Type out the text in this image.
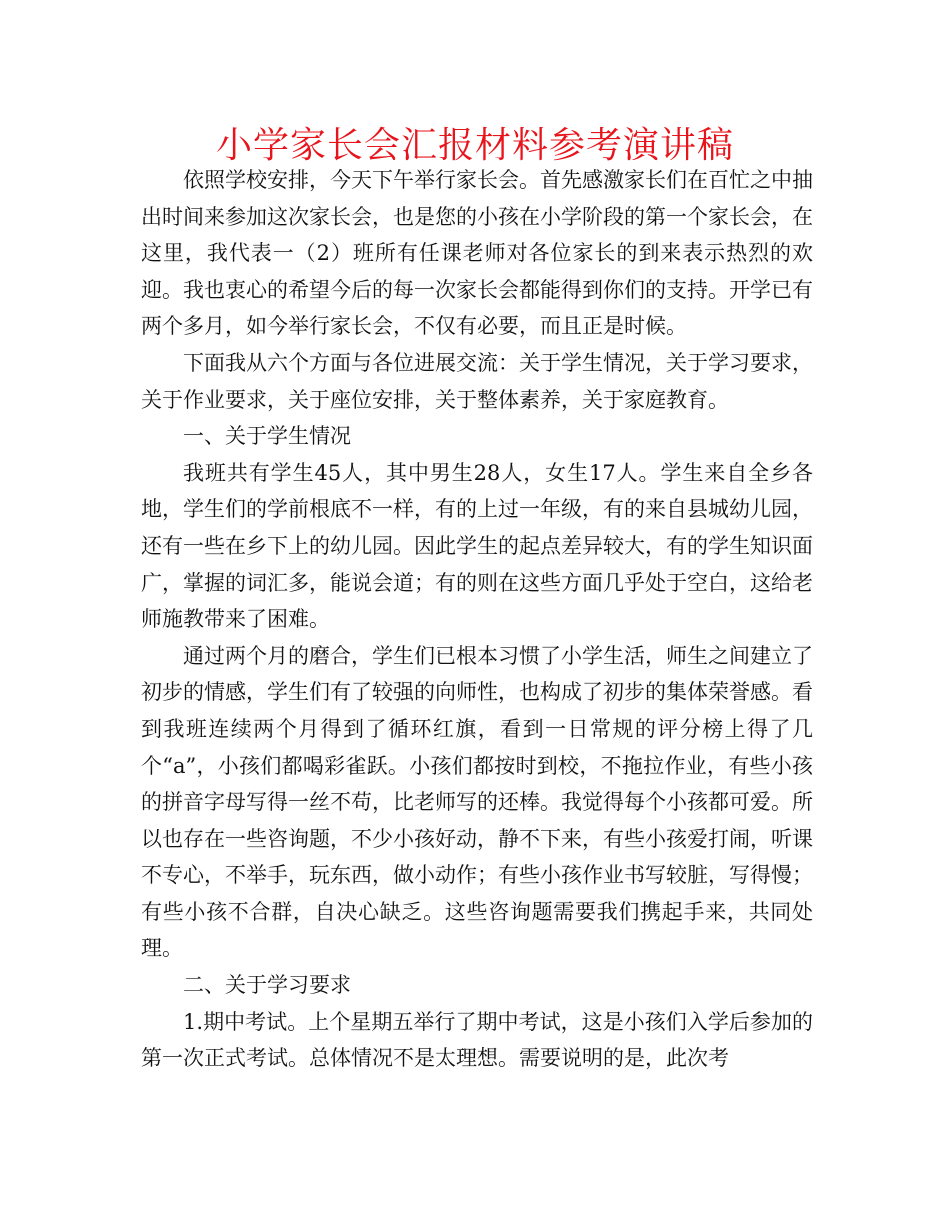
小学家长会汇报材料参考演讲稿

依照学校安排，今天下午举行家长会。首先感激家长们在百忙之中抽出时间来参加这次家长会，也是您的小孩在小学阶段的第一个家长会，在这里，我代表一（2）班所有任课老师对各位家长的到来表示热烈的欢迎。我也衷心的希望今后的每一次家长会都能得到你们的支持。开学已有两个多月，如今举行家长会，不仅有必要，而且正是时候。

下面我从六个方面与各位进展交流：关于学生情况，关于学习要求，关于作业要求，关于座位安排，关于整体素养，关于家庭教育。

一、关于学生情况

我班共有学生45人，其中男生28人，女生17人。学生来自全乡各地，学生们的学前根底不一样，有的上过一年级，有的来自县城幼儿园，还有一些在乡下上的幼儿园。因此学生的起点差异较大，有的学生知识面广，掌握的词汇多，能说会道；有的则在这些方面几乎处于空白，这给老师施教带来了困难。

通过两个月的磨合，学生们已根本习惯了小学生活，师生之间建立了初步的情感，学生们有了较强的向师性，也构成了初步的集体荣誉感。看到我班连续两个月得到了循环红旗，看到一日常规的评分榜上得了几个“a”，小孩们都喝彩雀跃。小孩们都按时到校，不拖拉作业，有些小孩的拼音字母写得一丝不苟，比老师写的还棒。我觉得每个小孩都可爱。所以也存在一些咨询题，不少小孩好动，静不下来，有些小孩爱打闹，听课不专心，不举手，玩东西，做小动作；有些小孩作业书写较脏，写得慢；有些小孩不合群，自决心缺乏。这些咨询题需要我们携起手来，共同处理。

二、关于学习要求

1.期中考试。上个星期五举行了期中考试，这是小孩们入学后参加的第一次正式考试。总体情况不是太理想。需要说明的是，此次考
